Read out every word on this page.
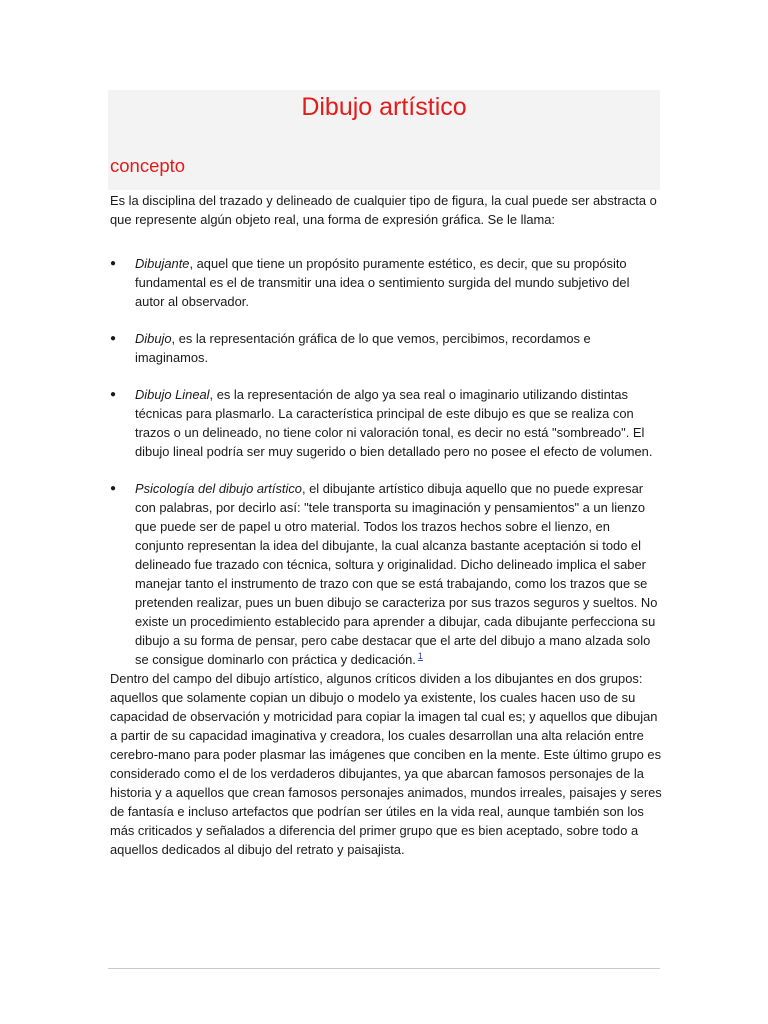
Dibujo artístico
concepto

Es la disciplina del trazado y delineado de cualquier tipo de figura, la cual puede ser abstracta o que represente algún objeto real, una forma de expresión gráfica. Se le llama:

● Dibujante, aquel que tiene un propósito puramente estético, es decir, que su propósito fundamental es el de transmitir una idea o sentimiento surgida del mundo subjetivo del autor al observador.
● Dibujo, es la representación gráfica de lo que vemos, percibimos, recordamos e imaginamos.
● Dibujo Lineal, es la representación de algo ya sea real o imaginario utilizando distintas técnicas para plasmarlo. La característica principal de este dibujo es que se realiza con trazos o un delineado, no tiene color ni valoración tonal, es decir no está "sombreado". El dibujo lineal podría ser muy sugerido o bien detallado pero no posee el efecto de volumen.
● Psicología del dibujo artístico, el dibujante artístico dibuja aquello que no puede expresar con palabras, por decirlo así: "tele transporta su imaginación y pensamientos" a un lienzo que puede ser de papel u otro material. Todos los trazos hechos sobre el lienzo, en conjunto representan la idea del dibujante, la cual alcanza bastante aceptación si todo el delineado fue trazado con técnica, soltura y originalidad. Dicho delineado implica el saber manejar tanto el instrumento de trazo con que se está trabajando, como los trazos que se pretenden realizar, pues un buen dibujo se caracteriza por sus trazos seguros y sueltos. No existe un procedimiento establecido para aprender a dibujar, cada dibujante perfecciona su dibujo a su forma de pensar, pero cabe destacar que el arte del dibujo a mano alzada solo se consigue dominarlo con práctica y dedicación. $^1$

Dentro del campo del dibujo artístico, algunos críticos dividen a los dibujantes en dos grupos: aquellos que solamente copian un dibujo o modelo ya existente, los cuales hacen uso de su capacidad de observación y motricidad para copiar la imagen tal cual es; y aquellos que dibujan a partir de su capacidad imaginativa y creadora, los cuales desarrollan una alta relación entre cerebro-mano para poder plasmar las imágenes que conciben en la mente. Este último grupo es considerado como el de los verdaderos dibujantes, ya que abarcan famosos personajes de la historia y a aquellos que crean famosos personajes animados, mundos irreales, paisajes y seres de fantasía e incluso artefactos que podrían ser útiles en la vida real, aunque también son los más criticados y señalados a diferencia del primer grupo que es bien aceptado, sobre todo a aquellos dedicados al dibujo del retrato y paisajista.
